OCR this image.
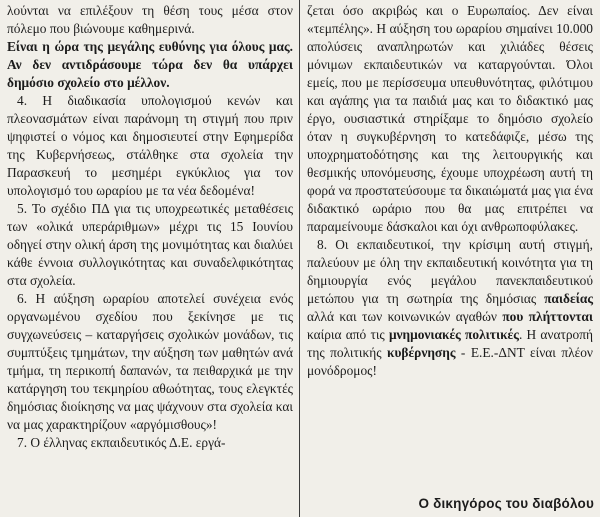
λούνται να επιλέξουν τη θέση τους μέσα στον πόλεμο που βιώνουμε καθημερινά.

Είναι η ώρα της μεγάλης ευθύνης για όλους μας. Αν δεν αντιδράσουμε τώρα δεν θα υπάρχει δημόσιο σχολείο στο μέλλον.

4. Η διαδικασία υπολογισμού κενών και πλεονασμάτων είναι παράνομη τη στιγμή που πριν ψηφιστεί ο νόμος και δημοσιευτεί στην Εφημερίδα της Κυβερνήσεως, στάλθηκε στα σχολεία την Παρασκευή το μεσημέρι εγκύκλιος για τον υπολογισμό του ωραρίου με τα νέα δεδομένα!

5. Το σχέδιο ΠΔ για τις υποχρεωτικές μεταθέσεις των «ολικά υπεράριθμων» μέχρι τις 15 Ιουνίου οδηγεί στην ολική άρση της μονιμότητας και διαλύει κάθε έννοια συλλογικότητας και συναδελφικότητας στα σχολεία.

6. Η αύξηση ωραρίου αποτελεί συνέχεια ενός οργανωμένου σχεδίου που ξεκίνησε με τις συγχωνεύσεις – καταργήσεις σχολικών μονάδων, τις συμπτύξεις τμημάτων, την αύξηση των μαθητών ανά τμήμα, τη περικοπή δαπανών, τα πειθαρχικά με την κατάργηση του τεκμηρίου αθωότητας, τους ελεγκτές δημόσιας διοίκησης να μας ψάχνουν στα σχολεία και να μας χαρακτηρίζουν «αργόμισθους»!

7. Ο έλληνας εκπαιδευτικός Δ.Ε. εργά-

ζεται όσο ακριβώς και ο Ευρωπαίος. Δεν είναι «τεμπέλης». Η αύξηση του ωραρίου σημαίνει 10.000 απολύσεις αναπληρωτών και χιλιάδες θέσεις μόνιμων εκπαιδευτικών να καταργούνται. Όλοι εμείς, που με περίσσευμα υπευθυνότητας, φιλότιμου και αγάπης για τα παιδιά μας και το διδακτικό μας έργο, ουσιαστικά στηρίξαμε το δημόσιο σχολείο όταν η συγκυβέρνηση το κατεδάφιζε, μέσω της υποχρηματοδότησης και της λειτουργικής και θεσμικής υπονόμευσης, έχουμε υποχρέωση αυτή τη φορά να προστατεύσουμε τα δικαιώματά μας για ένα διδακτικό ωράριο που θα μας επιτρέπει να παραμείνουμε δάσκαλοι και όχι ανθρωποφύλακες.

8. Οι εκπαιδευτικοί, την κρίσιμη αυτή στιγμή, παλεύουν με όλη την εκπαιδευτική κοινότητα για τη δημιουργία ενός μεγάλου πανεκπαιδευτικού μετώπου για τη σωτηρία της δημόσιας παιδείας αλλά και των κοινωνικών αγαθών που πλήττονται καίρια από τις μνημονιακές πολιτικές. Η ανατροπή της πολιτικής κυβέρνησης - Ε.Ε.-ΔΝΤ είναι πλέον μονόδρομος!

Ο δικηγόρος του διαβόλου
